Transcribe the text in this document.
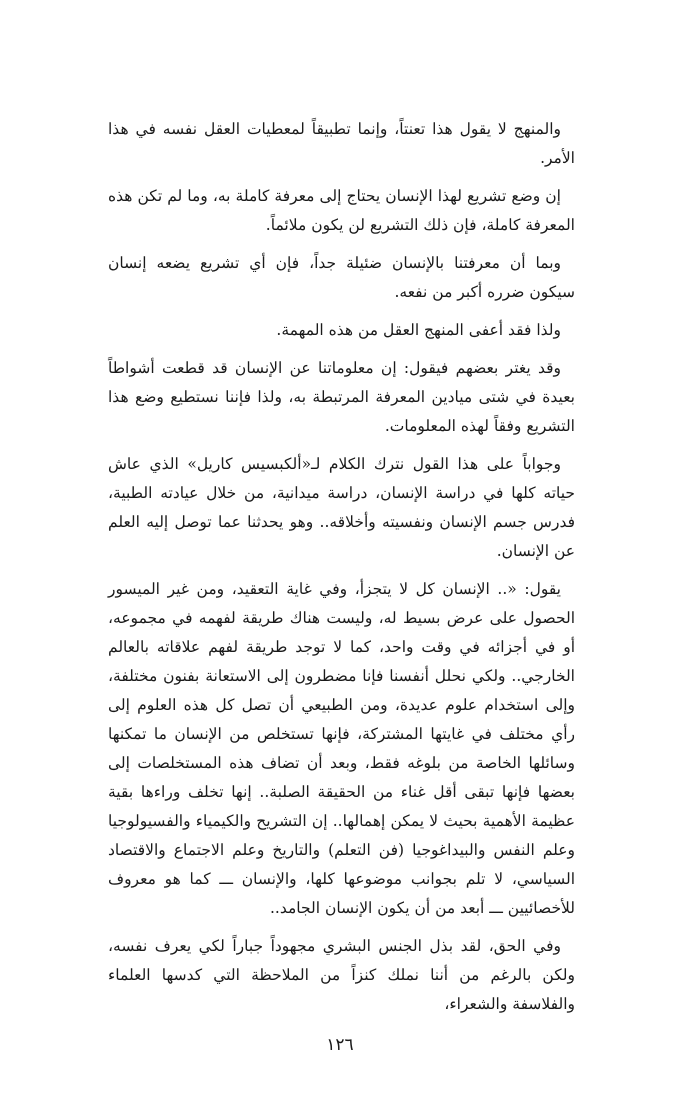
والمنهج لا يقول هذا تعنتاً، وإنما تطبيقاً لمعطيات العقل نفسه في هذا الأمر.

إن وضع تشريع لهذا الإنسان يحتاج إلى معرفة كاملة به، وما لم تكن هذه المعرفة كاملة، فإن ذلك التشريع لن يكون ملائماً.

وبما أن معرفتنا بالإنسان ضئيلة جداً، فإن أي تشريع يضعه إنسان سيكون ضرره أكبر من نفعه.

ولذا فقد أعفى المنهج العقل من هذه المهمة.

وقد يغتر بعضهم فيقول: إن معلوماتنا عن الإنسان قد قطعت أشواطاً بعيدة في شتى ميادين المعرفة المرتبطة به، ولذا فإننا نستطيع وضع هذا التشريع وفقاً لهذه المعلومات.

وجواباً على هذا القول نترك الكلام لـ«ألكبسيس كاريل» الذي عاش حياته كلها في دراسة الإنسان، دراسة ميدانية، من خلال عيادته الطبية، فدرس جسم الإنسان ونفسيته وأخلاقه.. وهو يحدثنا عما توصل إليه العلم عن الإنسان.

يقول: «.. الإنسان كل لا يتجزأ، وفي غاية التعقيد، ومن غير الميسور الحصول على عرض بسيط له، وليست هناك طريقة لفهمه في مجموعه، أو في أجزائه في وقت واحد، كما لا توجد طريقة لفهم علاقاته بالعالم الخارجي.. ولكي نحلل أنفسنا فإنا مضطرون إلى الاستعانة بفنون مختلفة، وإلى استخدام علوم عديدة، ومن الطبيعي أن تصل كل هذه العلوم إلى رأي مختلف في غايتها المشتركة، فإنها تستخلص من الإنسان ما تمكنها وسائلها الخاصة من بلوغه فقط، وبعد أن تضاف هذه المستخلصات إلى بعضها فإنها تبقى أقل غناء من الحقيقة الصلبة.. إنها تخلف وراءها بقية عظيمة الأهمية بحيث لا يمكن إهمالها.. إن التشريح والكيمياء والفسيولوجيا وعلم النفس والبيداغوجيا (فن التعلم) والتاريخ وعلم الاجتماع والاقتصاد السياسي، لا تلم بجوانب موضوعها كلها، والإنسان ـــ كما هو معروف للأخصائيين ـــ أبعد من أن يكون الإنسان الجامد..

وفي الحق، لقد بذل الجنس البشري مجهوداً جباراً لكي يعرف نفسه، ولكن بالرغم من أننا نملك كنزاً من الملاحظة التي كدسها العلماء والفلاسفة والشعراء،

١٢٦
